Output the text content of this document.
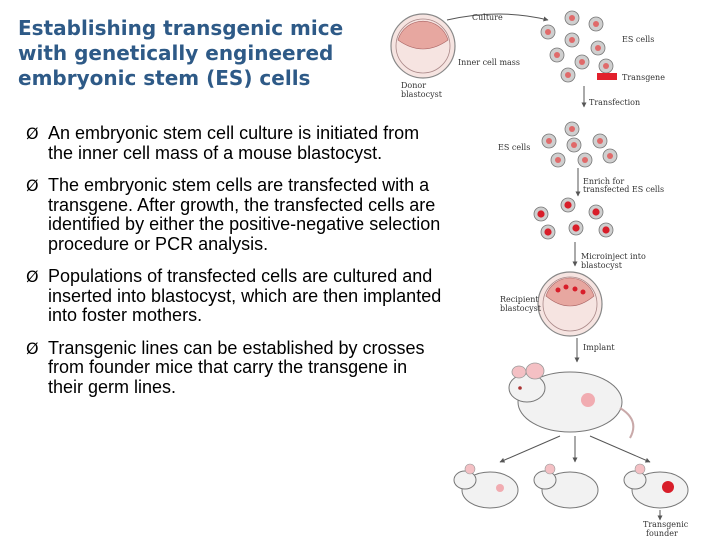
Establishing transgenic mice with genetically engineered embryonic stem (ES) cells
Ø An embryonic stem cell culture is initiated from the inner cell mass of a mouse blastocyst.
Ø The embryonic stem cells are transfected with a transgene. After growth, the transfected cells are identified by either the positive-negative selection procedure or PCR analysis.
Ø Populations of transfected cells are cultured and inserted into blastocyst, which are then implanted into foster mothers.
Ø Transgenic lines can be established by crosses from founder mice that carry the transgene in their germ lines.
Donor
blastocyst
Inner cell mass
Culture
ES cells
Transgene
Transfection
ES cells
Enrich for
transfected ES cells
Microinject into
blastocyst
Recipient
blastocyst
Implant
Transgenic
founder
